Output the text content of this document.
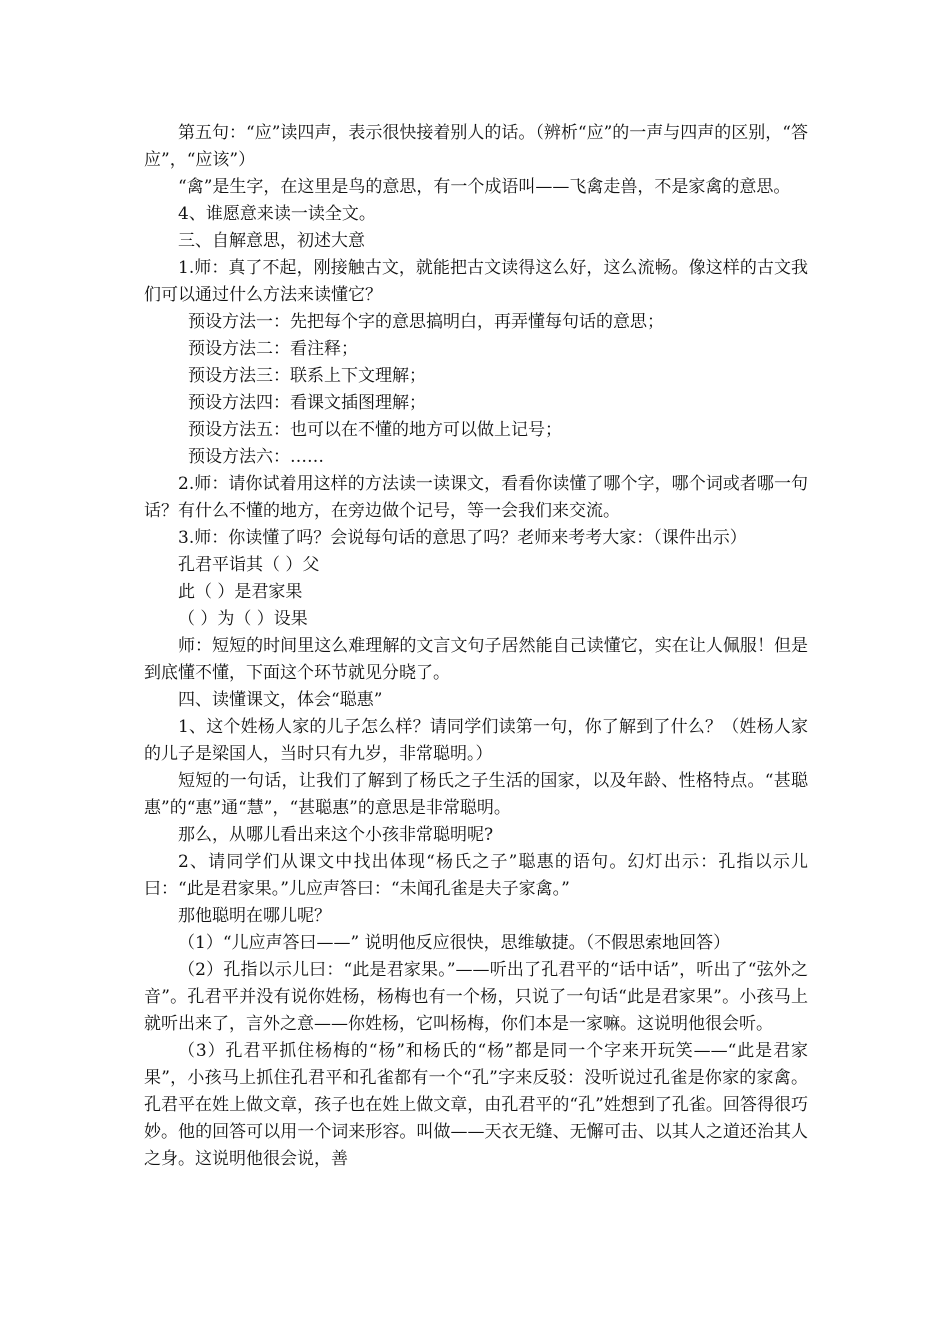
第五句：“应”读四声，表示很快接着别人的话。（辨析“应”的一声与四声的区别，“答应”，“应该”）

“禽”是生字，在这里是鸟的意思，有一个成语叫——飞禽走兽，不是家禽的意思。

4、谁愿意来读一读全文。

三、自解意思，初述大意

1.师：真了不起，刚接触古文，就能把古文读得这么好，这么流畅。像这样的古文我们可以通过什么方法来读懂它？

预设方法一：先把每个字的意思搞明白，再弄懂每句话的意思；

预设方法二：看注释；

预设方法三：联系上下文理解；

预设方法四：看课文插图理解；

预设方法五：也可以在不懂的地方可以做上记号；

预设方法六：……

2.师：请你试着用这样的方法读一读课文，看看你读懂了哪个字，哪个词或者哪一句话？有什么不懂的地方，在旁边做个记号，等一会我们来交流。

3.师：你读懂了吗？会说每句话的意思了吗？老师来考考大家：（课件出示）

孔君平诣其（ ）父

此（ ）是君家果

（ ）为（ ）设果

师：短短的时间里这么难理解的文言文句子居然能自己读懂它，实在让人佩服！但是到底懂不懂，下面这个环节就见分晓了。

四、读懂课文，体会“聪惠”

1、这个姓杨人家的儿子怎么样？请同学们读第一句，你了解到了什么？（姓杨人家的儿子是梁国人，当时只有九岁，非常聪明。）

短短的一句话，让我们了解到了杨氏之子生活的国家，以及年龄、性格特点。“甚聪惠”的“惠”通“慧”，“甚聪惠”的意思是非常聪明。

那么，从哪儿看出来这个小孩非常聪明呢?

2、请同学们从课文中找出体现“杨氏之子”聪惠的语句。幻灯出示：孔指以示儿曰：“此是君家果。”儿应声答曰：“未闻孔雀是夫子家禽。”

那他聪明在哪儿呢？

（1）“儿应声答曰——” 说明他反应很快，思维敏捷。（不假思索地回答）

（2）孔指以示儿曰：“此是君家果。”——听出了孔君平的“话中话”，听出了“弦外之音”。孔君平并没有说你姓杨，杨梅也有一个杨，只说了一句话“此是君家果”。小孩马上就听出来了，言外之意——你姓杨，它叫杨梅，你们本是一家嘛。这说明他很会听。

（3）孔君平抓住杨梅的“杨”和杨氏的“杨”都是同一个字来开玩笑——“此是君家果”，小孩马上抓住孔君平和孔雀都有一个“孔”字来反驳：没听说过孔雀是你家的家禽。孔君平在姓上做文章，孩子也在姓上做文章，由孔君平的“孔”姓想到了孔雀。回答得很巧妙。他的回答可以用一个词来形容。叫做——天衣无缝、无懈可击、以其人之道还治其人之身。这说明他很会说，善
